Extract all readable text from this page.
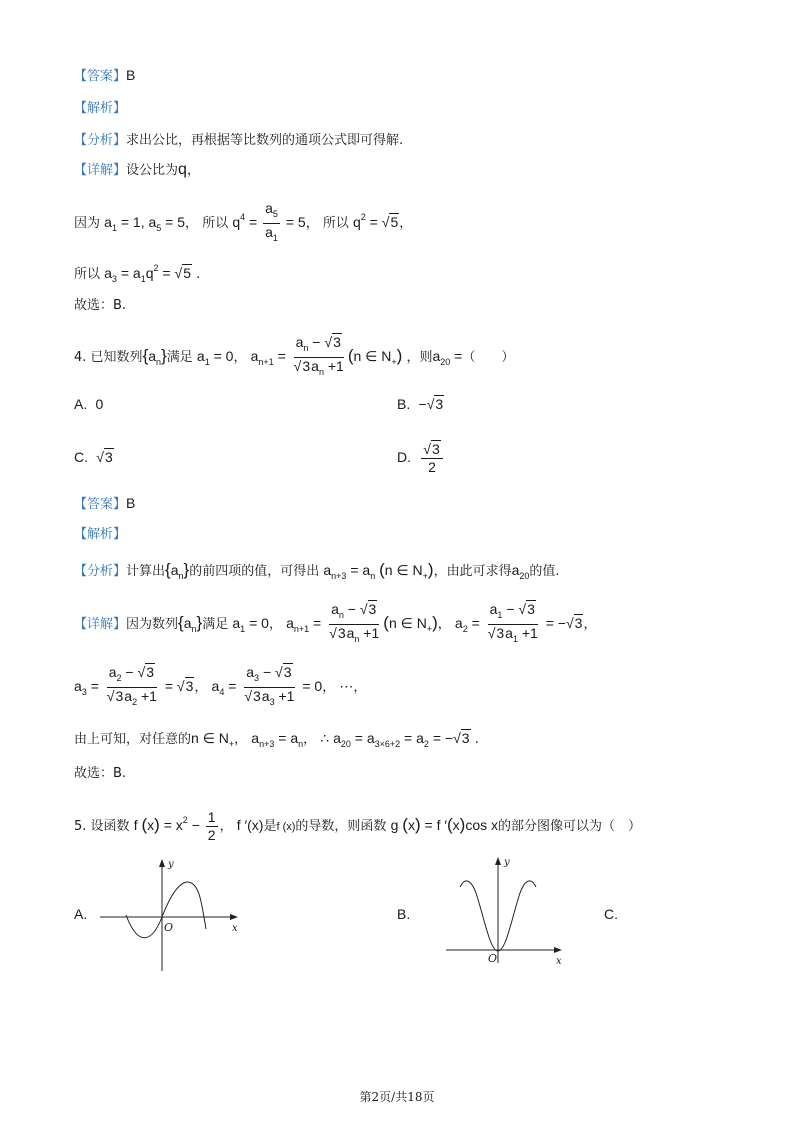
【答案】B
【解析】
【分析】求出公比，再根据等比数列的通项公式即可得解.
【详解】设公比为q，
因为 $a_1 = 1$, $a_5 = 5$， 所以 $q^4 = \frac{a_5}{a_1} = 5$， 所以 $q^2 = √5$，
所以 $a_3 = a_1q^2 = √5$ .
故选：B.
4. 已知数列$\{a_n\}$满足 $a_1 = 0$， $a_{n+1} = \frac{a_n - √3}{√3a_n +1} (n$ ∈ $N_+$) ，则$a_{20}$ =（　　）
A. 0	B. −√3
C. √3	D. $\frac{√3}{2}$
【答案】B
【解析】
【分析】计算出$\{a_n\}$的前四项的值，可得出 $a_{n+3} = a_n$ (n ∈ $N_+$)，由此可求得$a_{20}$的值.
【详解】因为数列$\{a_n\}$满足 $a_1 = 0$， $a_{n+1} = \frac{a_n - √3}{√3a_n +1} (n$ ∈ $N_+$)， $a_2 = \frac{a_1 - √3}{√3a_1 +1} = -√3$，
$a_3 = \frac{a_2 - √3}{√3a_2 +1} = √3$， $a_4 = \frac{a_3 - √3}{√3a_3 +1} = 0$， ⋯，
由上可知，对任意的n ∈ $N_+$， $a_{n+3} = a_n$， ∴ $a_{20} = a_{3\times 6+2} = a_2 = -√3$ .
故选：B.
5. 设函数 f $(x) = x^2 - \frac{1}{2}$ ， f ′(x)是f (x)的导数，则函数 g (x) = f ′(x)cos x的部分图像可以为（　）
A.
y
x
O
B.
y
x
O
C.
第2页/共18页
